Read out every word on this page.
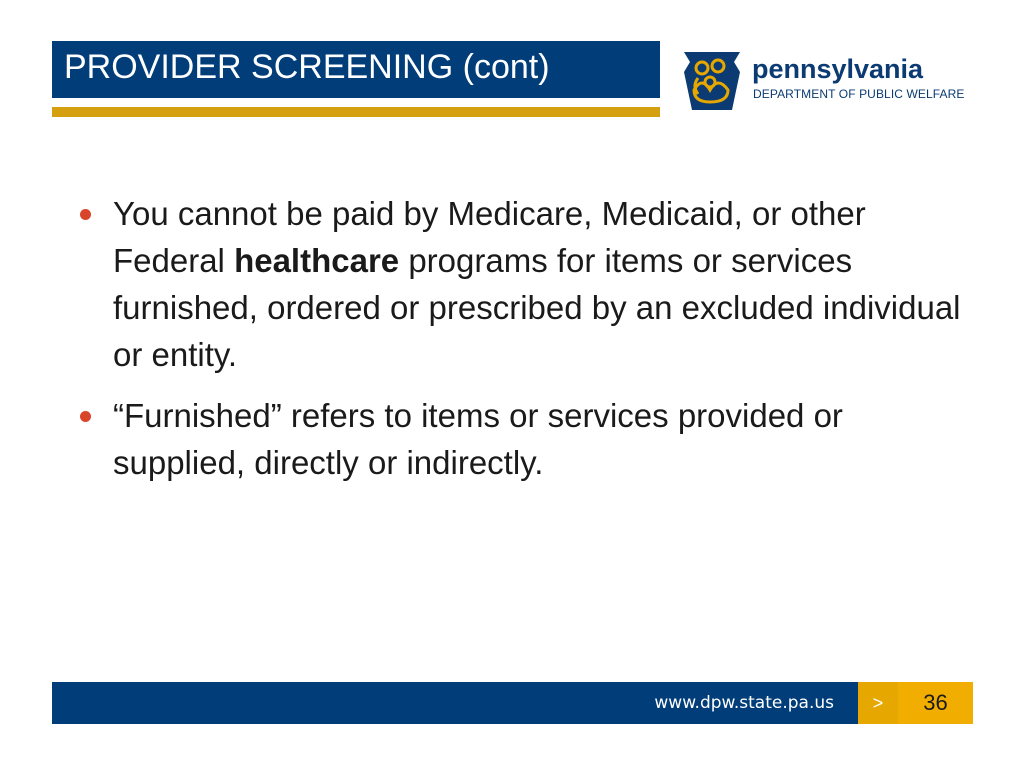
PROVIDER SCREENING (cont)	pennsylvania
DEPARTMENT OF PUBLIC WELFARE
You cannot be paid by Medicare, Medicaid, or other Federal healthcare programs for items or services furnished, ordered or prescribed by an excluded individual or entity.
“Furnished” refers to items or services provided or supplied, directly or indirectly.
www.dpw.state.pa.us	>	36
